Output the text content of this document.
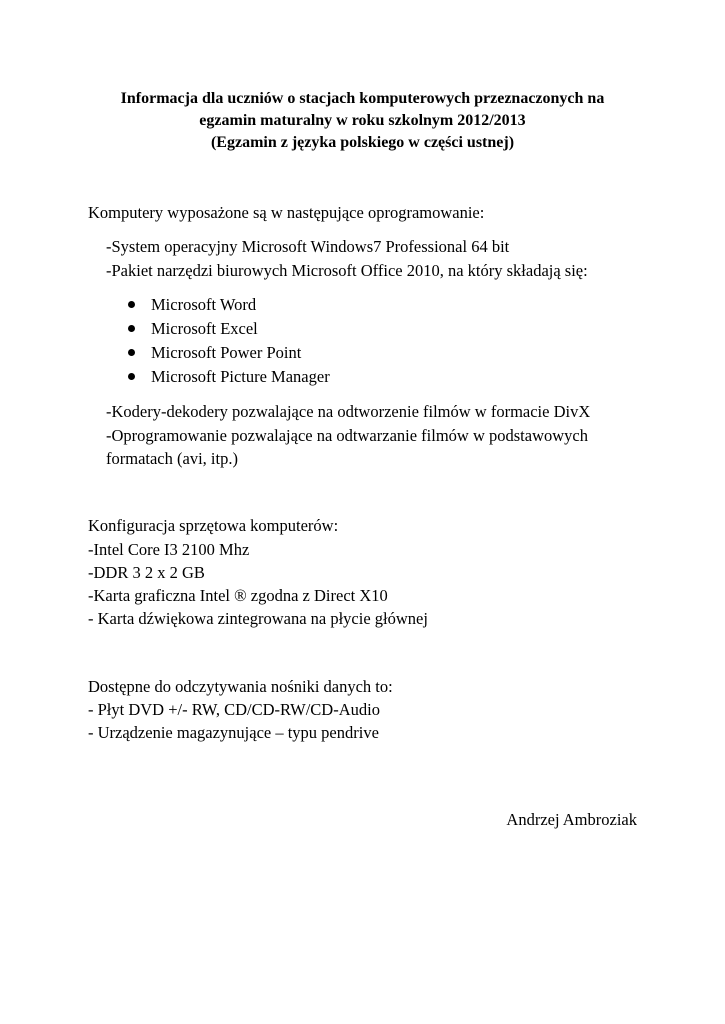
Informacja dla uczniów o stacjach komputerowych przeznaczonych na
egzamin maturalny w roku szkolnym 2012/2013
(Egzamin z języka polskiego w części ustnej)
Komputery wyposażone są w następujące oprogramowanie:
-System operacyjny Microsoft Windows7 Professional 64 bit
-Pakiet narzędzi biurowych Microsoft Office 2010, na który składają się:
Microsoft Word
Microsoft Excel
Microsoft Power Point
Microsoft Picture Manager
-Kodery-dekodery pozwalające na odtworzenie filmów w formacie DivX
-Oprogramowanie pozwalające na odtwarzanie filmów w podstawowych
formatach (avi, itp.)
Konfiguracja sprzętowa komputerów:
-Intel Core I3 2100 Mhz
-DDR 3 2 x 2 GB
-Karta graficzna Intel ® zgodna z Direct X10
- Karta dźwiękowa zintegrowana na płycie głównej
Dostępne do odczytywania nośniki danych to:
- Płyt DVD +/- RW, CD/CD-RW/CD-Audio
- Urządzenie magazynujące – typu pendrive
Andrzej Ambroziak
